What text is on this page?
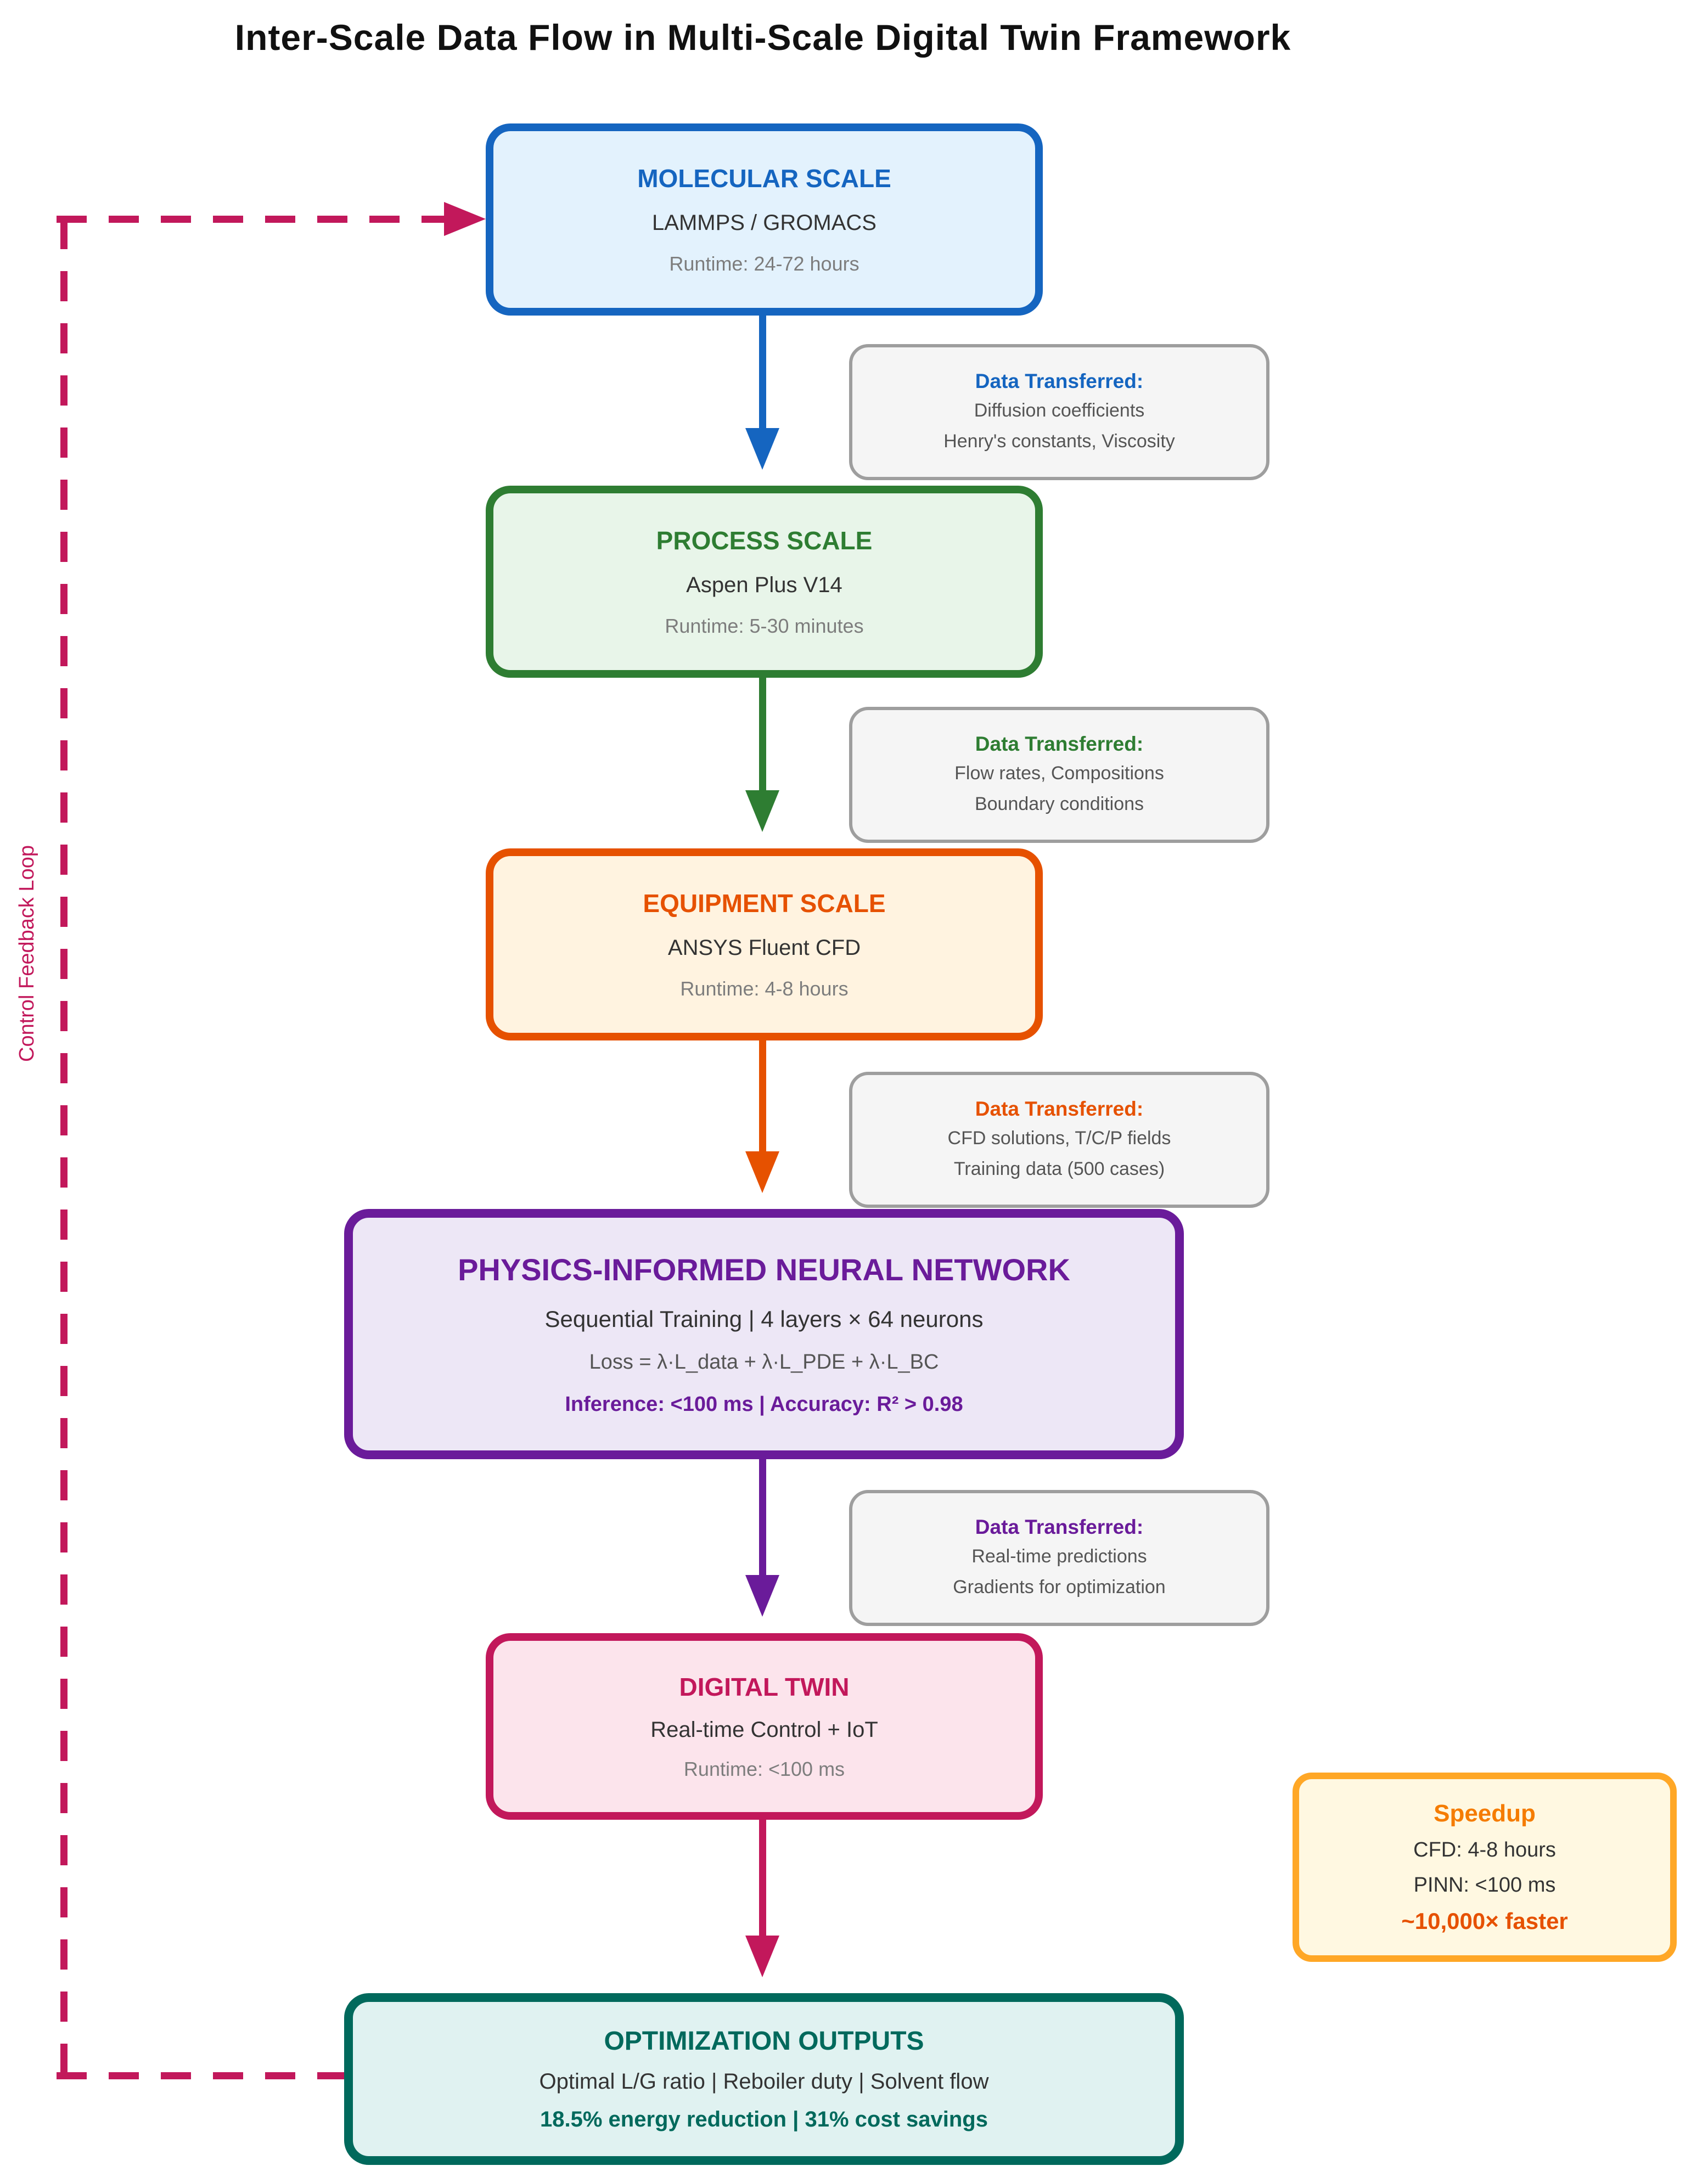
Inter-Scale Data Flow in Multi-Scale Digital Twin Framework
Control Feedback Loop
Data Transferred:
Diffusion coefficients
Henry's constants, Viscosity
Data Transferred:
Flow rates, Compositions
Boundary conditions
Data Transferred:
CFD solutions, T/C/P fields
Training data (500 cases)
Data Transferred:
Real-time predictions
Gradients for optimization
MOLECULAR SCALE
LAMMPS / GROMACS
Runtime: 24-72 hours
PROCESS SCALE
Aspen Plus V14
Runtime: 5-30 minutes
EQUIPMENT SCALE
ANSYS Fluent CFD
Runtime: 4-8 hours
PHYSICS-INFORMED NEURAL NETWORK
Sequential Training | 4 layers × 64 neurons
Loss = λ·L_data + λ·L_PDE + λ·L_BC
Inference: <100 ms | Accuracy: R² > 0.98
DIGITAL TWIN
Real-time Control + IoT
Runtime: <100 ms
OPTIMIZATION OUTPUTS
Optimal L/G ratio | Reboiler duty | Solvent flow
18.5% energy reduction | 31% cost savings
Speedup
CFD: 4-8 hours
PINN: <100 ms
~10,000× faster
